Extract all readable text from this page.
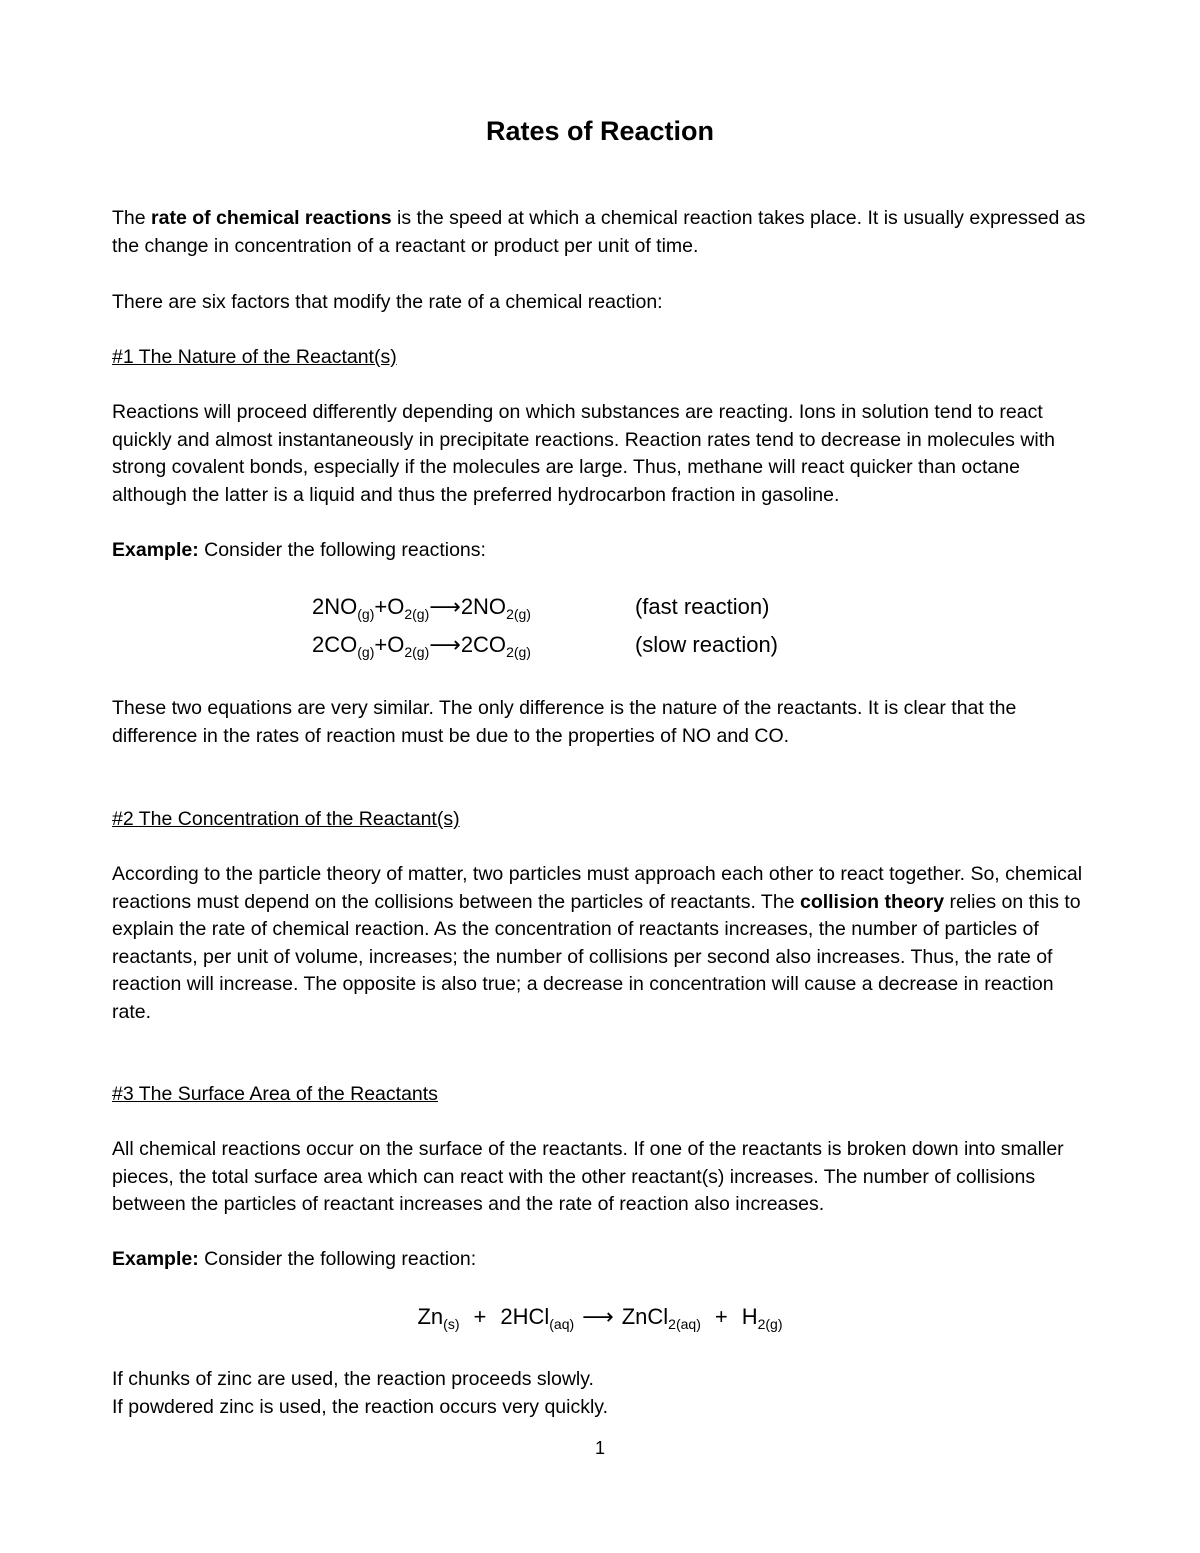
Rates of Reaction

The rate of chemical reactions is the speed at which a chemical reaction takes place. It is usually expressed as the change in concentration of a reactant or product per unit of time.

There are six factors that modify the rate of a chemical reaction:

#1 The Nature of the Reactant(s)

Reactions will proceed differently depending on which substances are reacting. Ions in solution tend to react quickly and almost instantaneously in precipitate reactions. Reaction rates tend to decrease in molecules with strong covalent bonds, especially if the molecules are large. Thus, methane will react quicker than octane although the latter is a liquid and thus the preferred hydrocarbon fraction in gasoline.

Example: Consider the following reactions:

$2NO_{(g)}$	+	$O_{2(g)}$	⟶	$2NO_{2(g)}$	(fast reaction)
$2CO_{(g)}$	+	$O_{2(g)}$	⟶	$2CO_{2(g)}$	(slow reaction)

These two equations are very similar. The only difference is the nature of the reactants. It is clear that the difference in the rates of reaction must be due to the properties of NO and CO.

#2 The Concentration of the Reactant(s)

According to the particle theory of matter, two particles must approach each other to react together. So, chemical reactions must depend on the collisions between the particles of reactants. The collision theory relies on this to explain the rate of chemical reaction. As the concentration of reactants increases, the number of particles of reactants, per unit of volume, increases; the number of collisions per second also increases. Thus, the rate of reaction will increase. The opposite is also true; a decrease in concentration will cause a decrease in reaction rate.

#3 The Surface Area of the Reactants

All chemical reactions occur on the surface of the reactants. If one of the reactants is broken down into smaller pieces, the total surface area which can react with the other reactant(s) increases. The number of collisions between the particles of reactant increases and the rate of reaction also increases.

Example: Consider the following reaction:

$Zn_{(s)} + 2HCl_{(aq)}$ ⟶ ZnCl$_{2(aq)}$ + $H_{2(g)}$

If chunks of zinc are used, the reaction proceeds slowly.

If powdered zinc is used, the reaction occurs very quickly.

1
